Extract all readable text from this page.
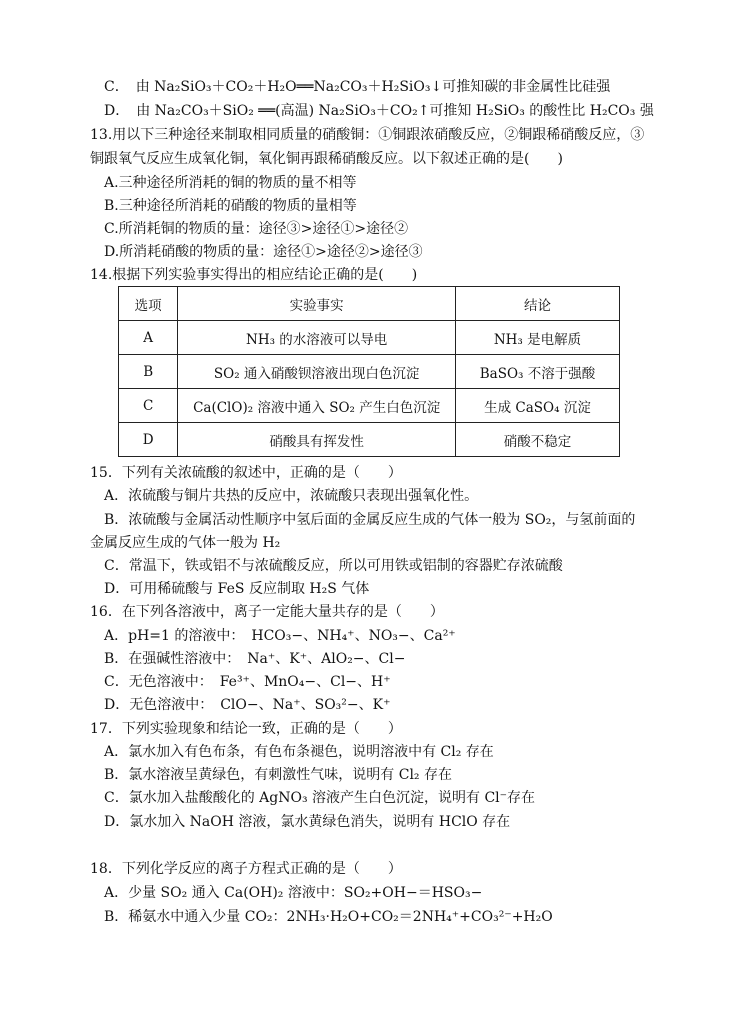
C．　由 Na₂SiO₃＋CO₂＋H₂O══Na₂CO₃＋H₂SiO₃↓可推知碳的非金属性比硅强
D．　由 Na₂CO₃＋SiO₂ ══(高温) Na₂SiO₃＋CO₂↑可推知 H₂SiO₃ 的酸性比 H₂CO₃ 强
13.用以下三种途径来制取相同质量的硝酸铜：①铜跟浓硝酸反应，②铜跟稀硝酸反应，③
铜跟氧气反应生成氧化铜，氧化铜再跟稀硝酸反应。以下叙述正确的是(　　)
A.三种途径所消耗的铜的物质的量不相等
B.三种途径所消耗的硝酸的物质的量相等
C.所消耗铜的物质的量：途径③>途径①>途径②
D.所消耗硝酸的物质的量：途径①>途径②>途径③
14.根据下列实验事实得出的相应结论正确的是(　　)
选项	实验事实	结论
A	NH₃ 的水溶液可以导电	NH₃ 是电解质
B	SO₂ 通入硝酸钡溶液出现白色沉淀	BaSO₃ 不溶于强酸
C	Ca(ClO)₂ 溶液中通入 SO₂ 产生白色沉淀	生成 CaSO₄ 沉淀
D	硝酸具有挥发性	硝酸不稳定
15．下列有关浓硫酸的叙述中，正确的是（　　）
A．浓硫酸与铜片共热的反应中，浓硫酸只表现出强氧化性。
B．浓硫酸与金属活动性顺序中氢后面的金属反应生成的气体一般为 SO₂，与氢前面的
金属反应生成的气体一般为 H₂
C．常温下，铁或铝不与浓硫酸反应，所以可用铁或铝制的容器贮存浓硫酸
D．可用稀硫酸与 FeS 反应制取 H₂S 气体
16．在下列各溶液中，离子一定能大量共存的是（　　）
A．pH=1 的溶液中：　HCO₃−、NH₄⁺、NO₃−、Ca²⁺
B．在强碱性溶液中：　Na⁺、K⁺、AlO₂−、Cl−
C．无色溶液中：　Fe³⁺、MnO₄−、Cl−、H⁺
D．无色溶液中：　ClO−、Na⁺、SO₃²−、K⁺
17．下列实验现象和结论一致，正确的是（　　）
A．氯水加入有色布条，有色布条褪色，说明溶液中有 Cl₂ 存在
B．氯水溶液呈黄绿色，有刺激性气味，说明有 Cl₂ 存在
C．氯水加入盐酸酸化的 AgNO₃ 溶液产生白色沉淀，说明有 Cl⁻存在
D．氯水加入 NaOH 溶液，氯水黄绿色消失，说明有 HClO 存在
18．下列化学反应的离子方程式正确的是（　　）
A．少量 SO₂ 通入 Ca(OH)₂ 溶液中：SO₂+OH−＝HSO₃−
B．稀氨水中通入少量 CO₂：2NH₃·H₂O+CO₂＝2NH₄⁺+CO₃²⁻+H₂O
